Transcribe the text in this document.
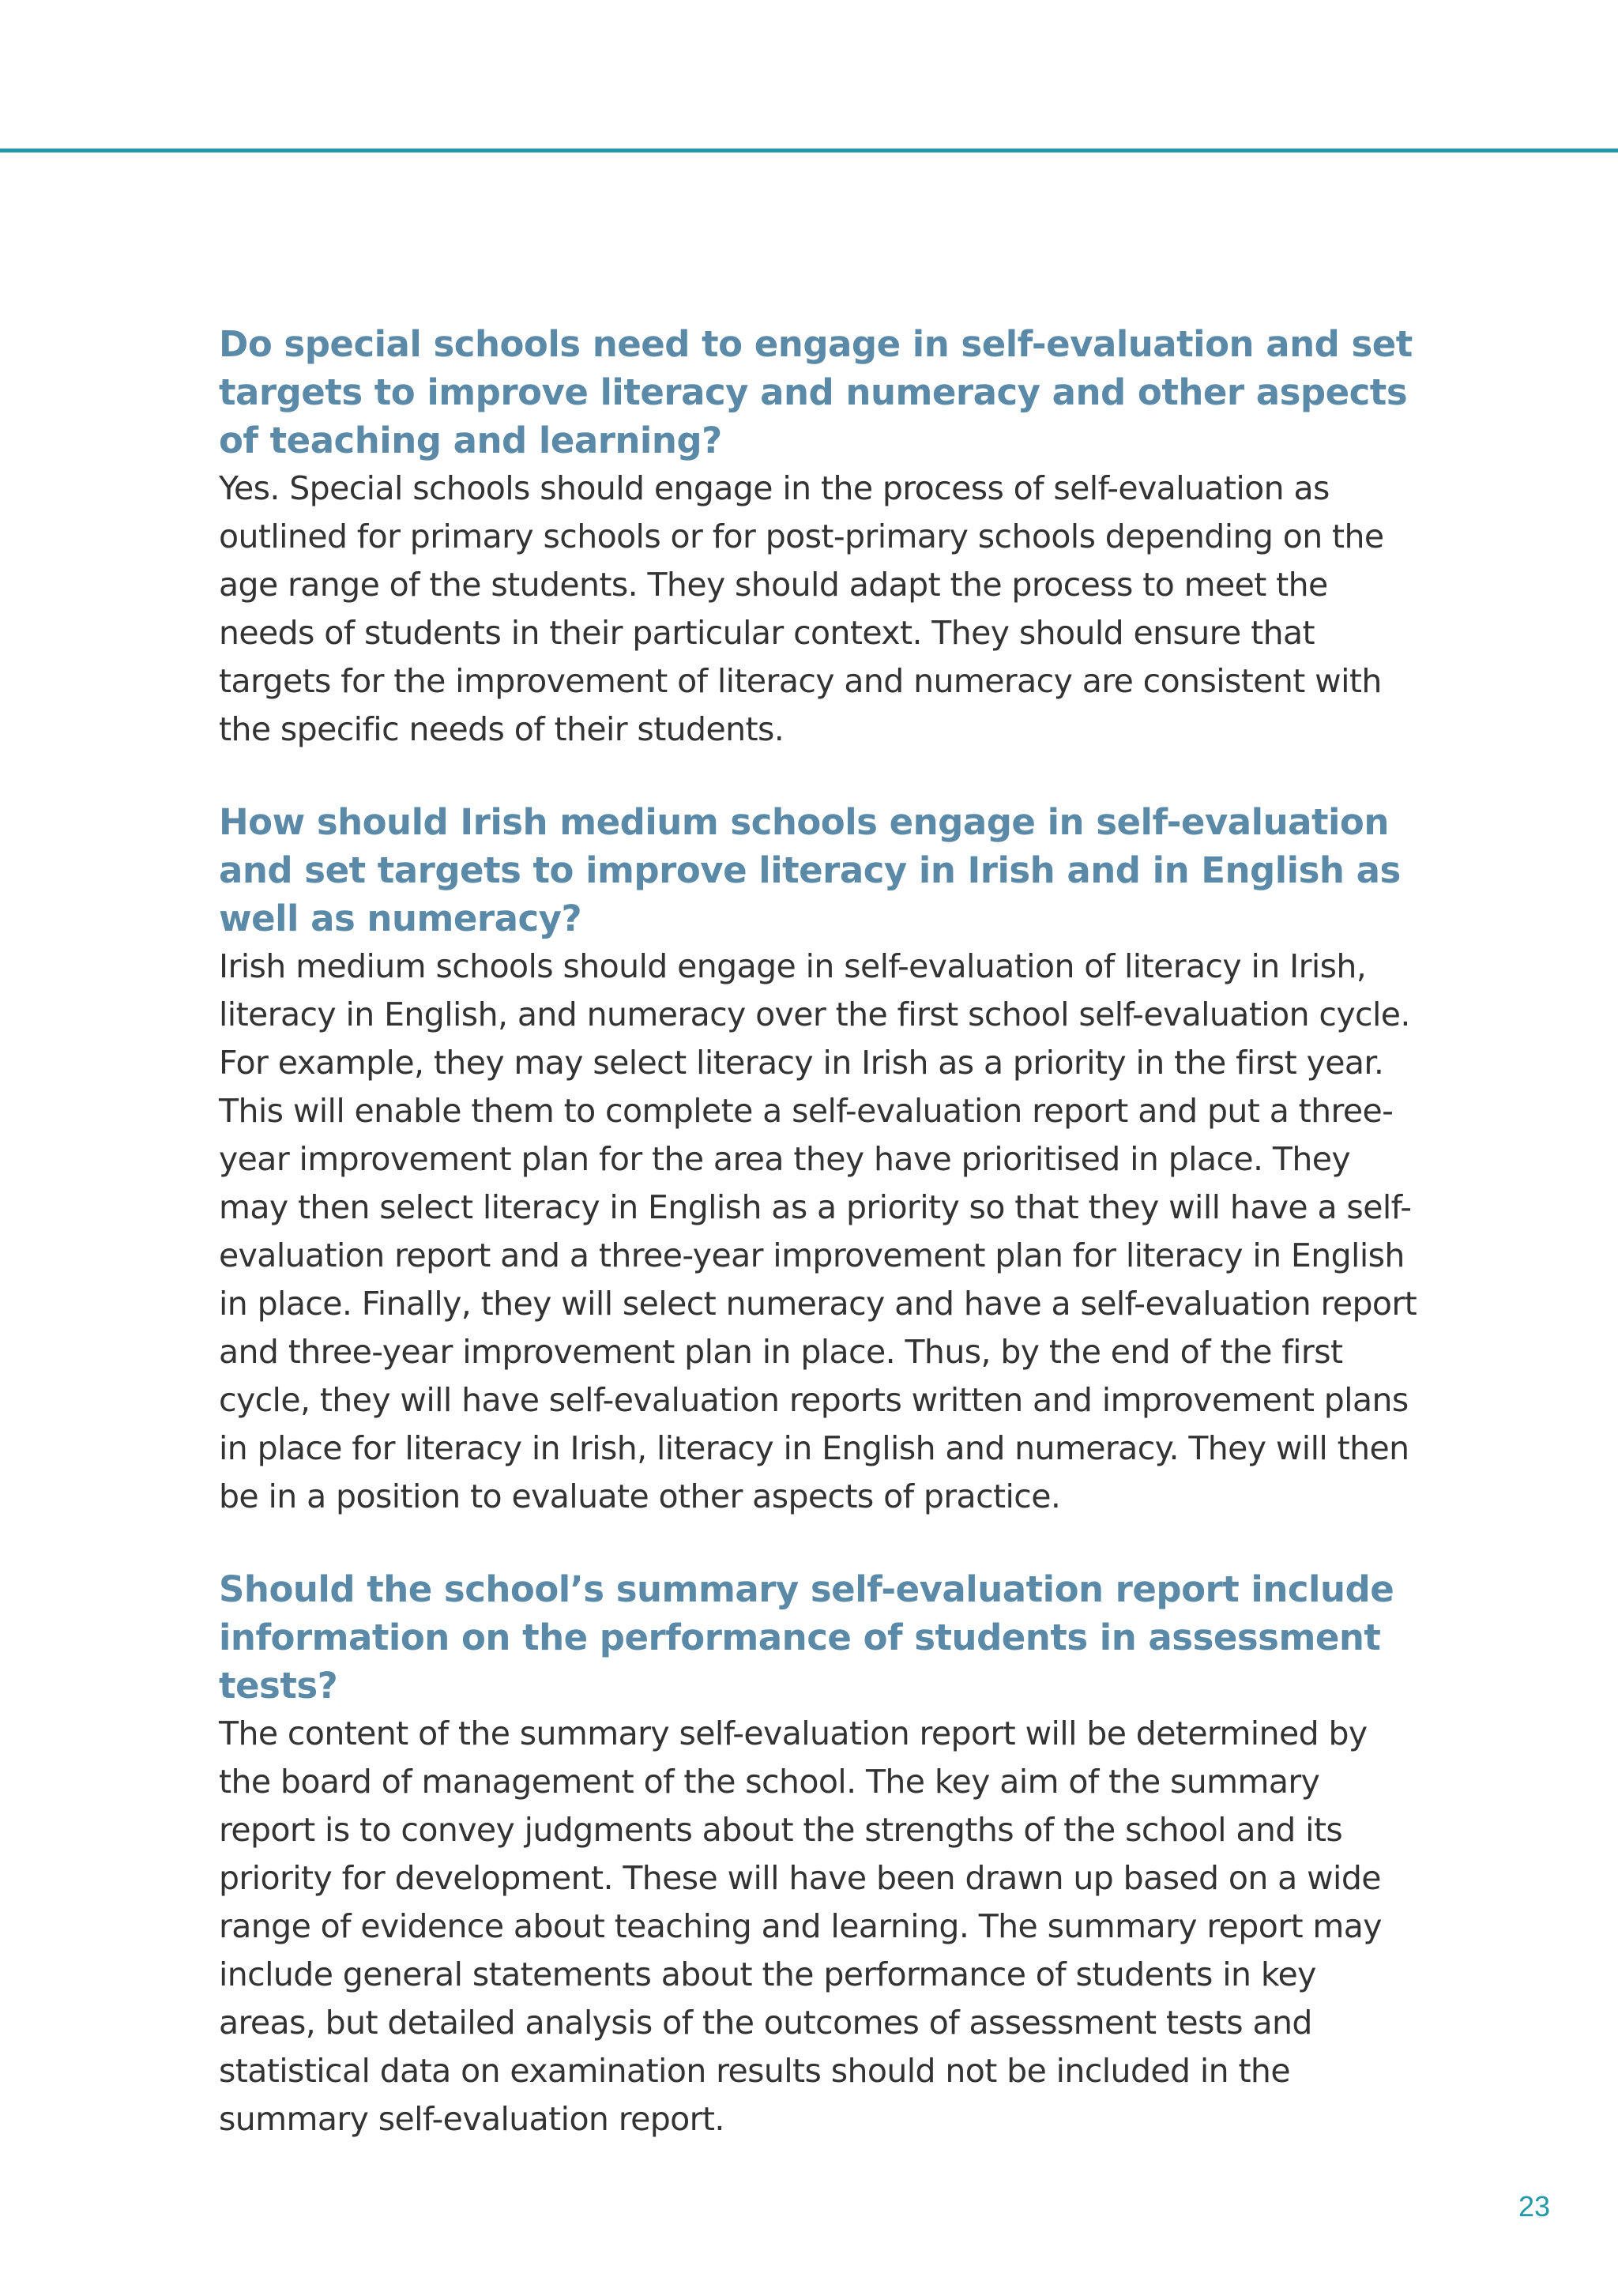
Do special schools need to engage in self-evaluation and set targets to improve literacy and numeracy and other aspects of teaching and learning?

Yes. Special schools should engage in the process of self-evaluation as outlined for primary schools or for post-primary schools depending on the age range of the students. They should adapt the process to meet the needs of students in their particular context. They should ensure that targets for the improvement of literacy and numeracy are consistent with the specific needs of their students.

How should Irish medium schools engage in self-evaluation and set targets to improve literacy in Irish and in English as well as numeracy?

Irish medium schools should engage in self-evaluation of literacy in Irish, literacy in English, and numeracy over the first school self-evaluation cycle. For example, they may select literacy in Irish as a priority in the first year. This will enable them to complete a self-evaluation report and put a three-year improvement plan for the area they have prioritised in place. They may then select literacy in English as a priority so that they will have a self-evaluation report and a three-year improvement plan for literacy in English in place. Finally, they will select numeracy and have a self-evaluation report and three-year improvement plan in place. Thus, by the end of the first cycle, they will have self-evaluation reports written and improvement plans in place for literacy in Irish, literacy in English and numeracy. They will then be in a position to evaluate other aspects of practice.

Should the school’s summary self-evaluation report include information on the performance of students in assessment tests?

The content of the summary self-evaluation report will be determined by the board of management of the school. The key aim of the summary report is to convey judgments about the strengths of the school and its priority for development. These will have been drawn up based on a wide range of evidence about teaching and learning. The summary report may include general statements about the performance of students in key areas, but detailed analysis of the outcomes of assessment tests and statistical data on examination results should not be included in the summary self-evaluation report.

23
